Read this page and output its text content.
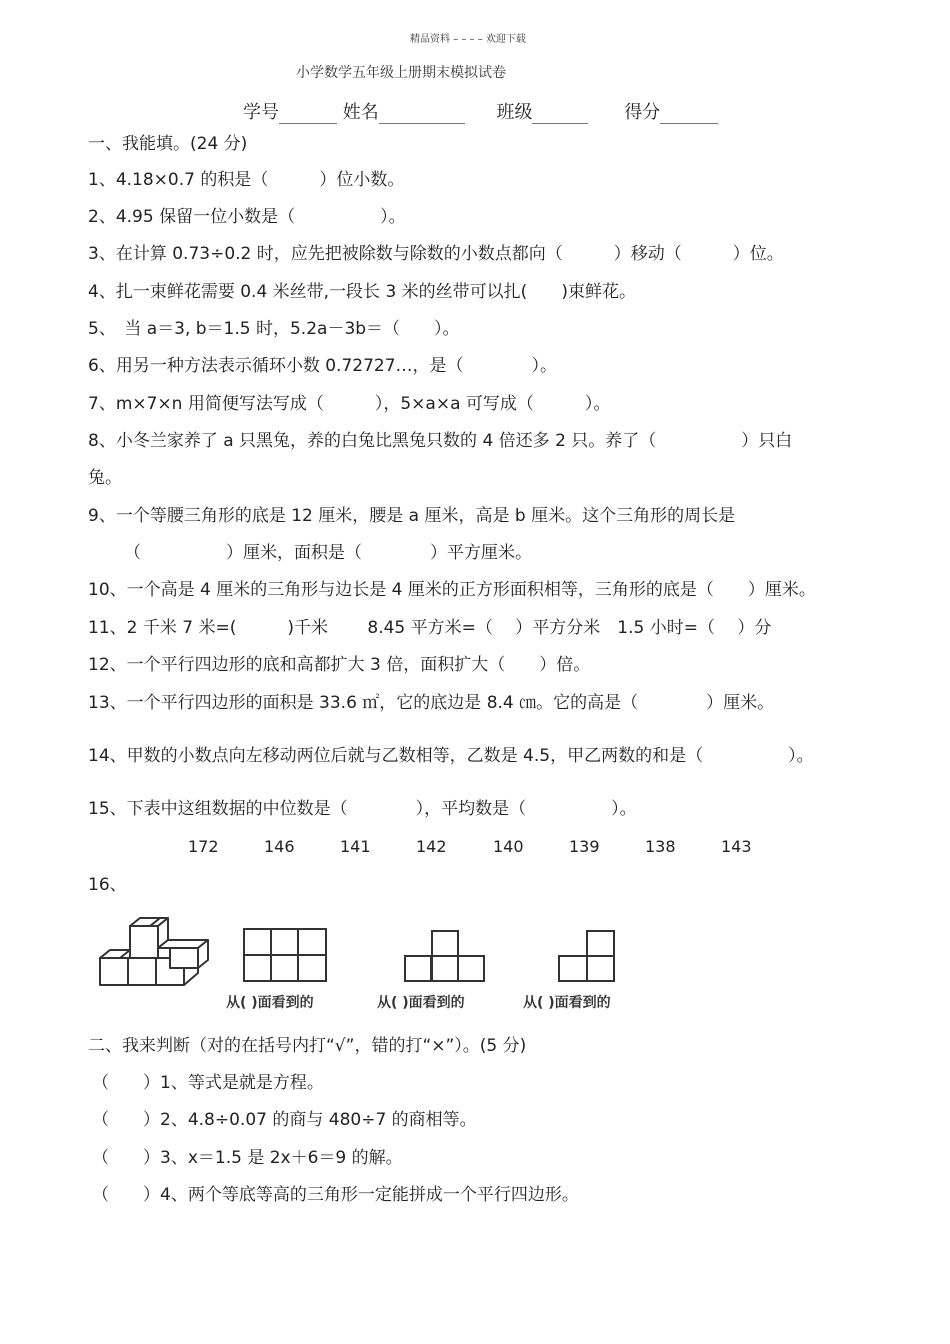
精品资料 – – – – 欢迎下载
小学数学五年级上册期末模拟试卷
学号	姓名	班级	得分
一、我能填。(24 分)
1、4.18×0.7 的积是（　　　）位小数。
2、4.95 保留一位小数是（　　　　　）。
3、在计算 0.73÷0.2 时，应先把被除数与除数的小数点都向（　　　）移动（　　　）位。
4、扎一束鲜花需要 0.4 米丝带,一段长 3 米的丝带可以扎(　　)束鲜花。
5、　当 a＝3, b＝1.5 时，5.2a－3b＝（　　）。
6、用另一种方法表示循环小数 0.72727…，是（　　　　）。
7、m×7×n 用简便写法写成（　　　），5×a×a 可写成（　　　）。
8、小冬兰家养了 a 只黑兔，养的白兔比黑兔只数的 4 倍还多 2 只。养了（　　　　　）只白
兔。
9、一个等腰三角形的底是 12 厘米，腰是 a 厘米，高是 b 厘米。这个三角形的周长是
（　　　　　）厘米，面积是（　　　　）平方厘米。
10、一个高是 4 厘米的三角形与边长是 4 厘米的正方形面积相等，三角形的底是（　　）厘米。
11、2 千米 7 米=(　　　)千米　　 8.45 平方米=（　 ）平方分米　1.5 小时=（　 ）分
12、一个平行四边形的底和高都扩大 3 倍，面积扩大（　　）倍。
13、一个平行四边形的面积是 33.6 ㎡，它的底边是 8.4 ㎝。它的高是（　　　　）厘米。
14、甲数的小数点向左移动两位后就与乙数相等，乙数是 4.5，甲乙两数的和是（　　　　　）。
15、下表中这组数据的中位数是（　　　　），平均数是（　　　　　）。
172	146	141	142	140	139	138	143
16、
从( )面看到的	从( )面看到的	从( )面看到的
二、我来判断（对的在括号内打“√”，错的打“×”）。(5 分)
（　　）1、等式是就是方程。
（　　）2、4.8÷0.07 的商与 480÷7 的商相等。
（　　）3、x＝1.5 是 2x＋6＝9 的解。
（　　）4、两个等底等高的三角形一定能拼成一个平行四边形。
